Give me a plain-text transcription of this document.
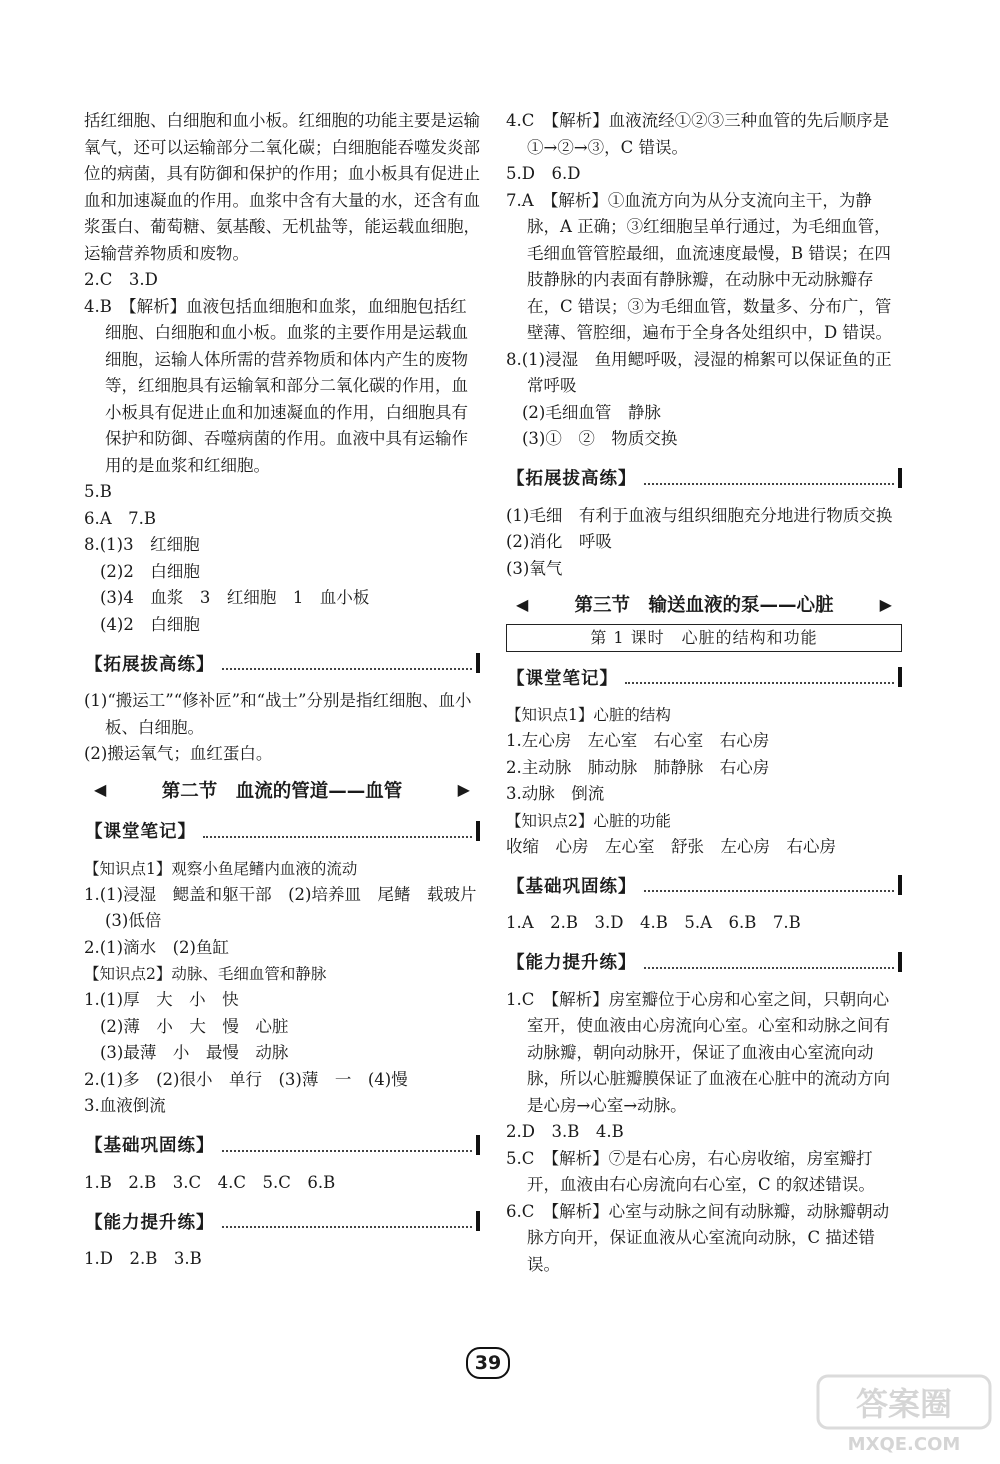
括红细胞、白细胞和血小板。红细胞的功能主要是运输氧气，还可以运输部分二氧化碳；白细胞能吞噬发炎部位的病菌，具有防御和保护的作用；血小板具有促进止血和加速凝血的作用。血浆中含有大量的水，还含有血浆蛋白、葡萄糖、氨基酸、无机盐等，能运载血细胞，运输营养物质和废物。

2.C　3.D

4.B　【解析】血液包括血细胞和血浆，血细胞包括红细胞、白细胞和血小板。血浆的主要作用是运载血细胞，运输人体所需的营养物质和体内产生的废物等，红细胞具有运输氧和部分二氧化碳的作用，血小板具有促进止血和加速凝血的作用，白细胞具有保护和防御、吞噬病菌的作用。血液中具有运输作用的是血浆和红细胞。

5.B

6.A　7.B

8.(1)3　红细胞

(2)2　白细胞

(3)4　血浆　3　红细胞　1　血小板

(4)2　白细胞

【拓展拔高练】

(1)“搬运工”“修补匠”和“战士”分别是指红细胞、血小板、白细胞。

(2)搬运氧气；血红蛋白。

◀	第二节　血流的管道——血管	▶
【课堂笔记】

【知识点1】观察小鱼尾鳍内血液的流动

1.(1)浸湿　鳃盖和躯干部　(2)培养皿　尾鳍　载玻片　(3)低倍

2.(1)滴水　(2)鱼缸

【知识点2】动脉、毛细血管和静脉

1.(1)厚　大　小　快

(2)薄　小　大　慢　心脏

(3)最薄　小　最慢　动脉

2.(1)多　(2)很小　单行　(3)薄　一　(4)慢

3.血液倒流

【基础巩固练】

1.B　2.B　3.C　4.C　5.C　6.B

【能力提升练】

1.D　2.B　3.B

4.C　【解析】血液流经①②③三种血管的先后顺序是①→②→③，C 错误。

5.D　6.D

7.A　【解析】①血流方向为从分支流向主干，为静脉，A 正确；③红细胞呈单行通过，为毛细血管，毛细血管管腔最细，血流速度最慢，B 错误；在四肢静脉的内表面有静脉瓣，在动脉中无动脉瓣存在，C 错误；③为毛细血管，数量多、分布广，管壁薄、管腔细，遍布于全身各处组织中，D 错误。

8.(1)浸湿　鱼用鳃呼吸，浸湿的棉絮可以保证鱼的正常呼吸

(2)毛细血管　静脉

(3)①　②　物质交换

【拓展拔高练】

(1)毛细　有利于血液与组织细胞充分地进行物质交换

(2)消化　呼吸

(3)氧气

◀ 第三节　输送血液的泵——心脏	▶
第 1 课时　心脏的结构和功能
【课堂笔记】

【知识点1】心脏的结构

1.左心房　左心室　右心室　右心房

2.主动脉　肺动脉　肺静脉　右心房

3.动脉　倒流

【知识点2】心脏的功能

收缩　心房　左心室　舒张　左心房　右心房

【基础巩固练】

1.A　2.B　3.D　4.B　5.A　6.B　7.B

【能力提升练】

1.C　【解析】房室瓣位于心房和心室之间，只朝向心室开，使血液由心房流向心室。心室和动脉之间有动脉瓣，朝向动脉开，保证了血液由心室流向动脉，所以心脏瓣膜保证了血液在心脏中的流动方向是心房→心室→动脉。

2.D　3.B　4.B

5.C　【解析】⑦是右心房，右心房收缩，房室瓣打开，血液由右心房流向右心室，C 的叙述错误。

6.C　【解析】心室与动脉之间有动脉瓣，动脉瓣朝动脉方向开，保证血液从心室流向动脉，C 描述错误。

39
答案圈
MXQE.COM
